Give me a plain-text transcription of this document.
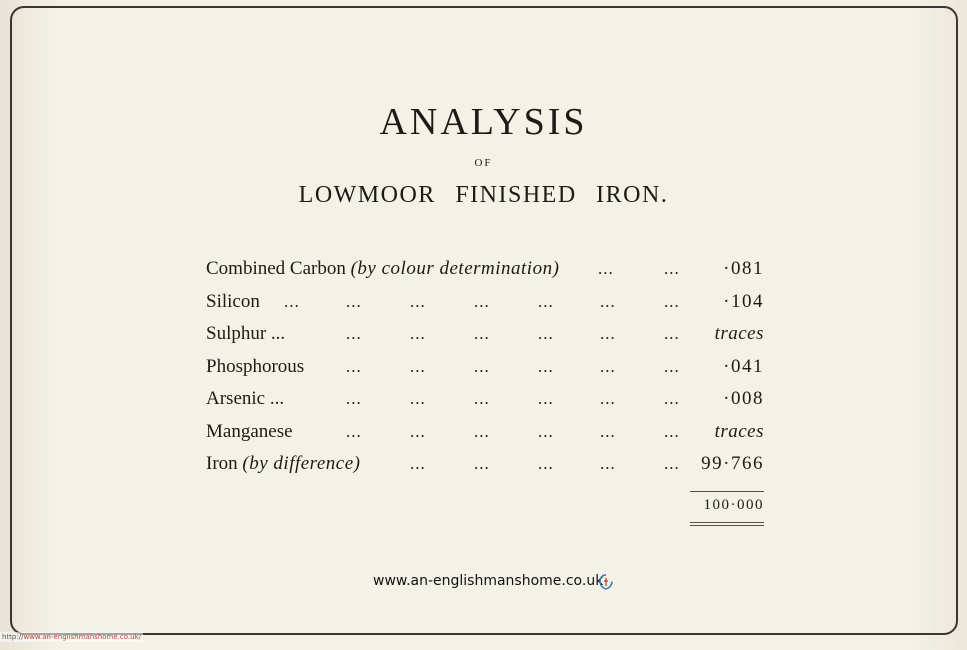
ANALYSIS
OF
LOWMOOR FINISHED IRON.
Combined Carbon (by colour determination) ...	... ·081
Silicon ...	...	...	...	...	...	... ·104
Sulphur ...	...	...	...	...	...	... traces
Phosphorous ...	...	...	...	...	... ·041
Arsenic ...	...	...	...	...	...	... ·008
Manganese	...	...	...	...	...	... traces
Iron (by difference)	...	...	...	...	... 99·766
100·000
www.an-englishmanshome.co.uk
http://www.an-englishmanshome.co.uk/
